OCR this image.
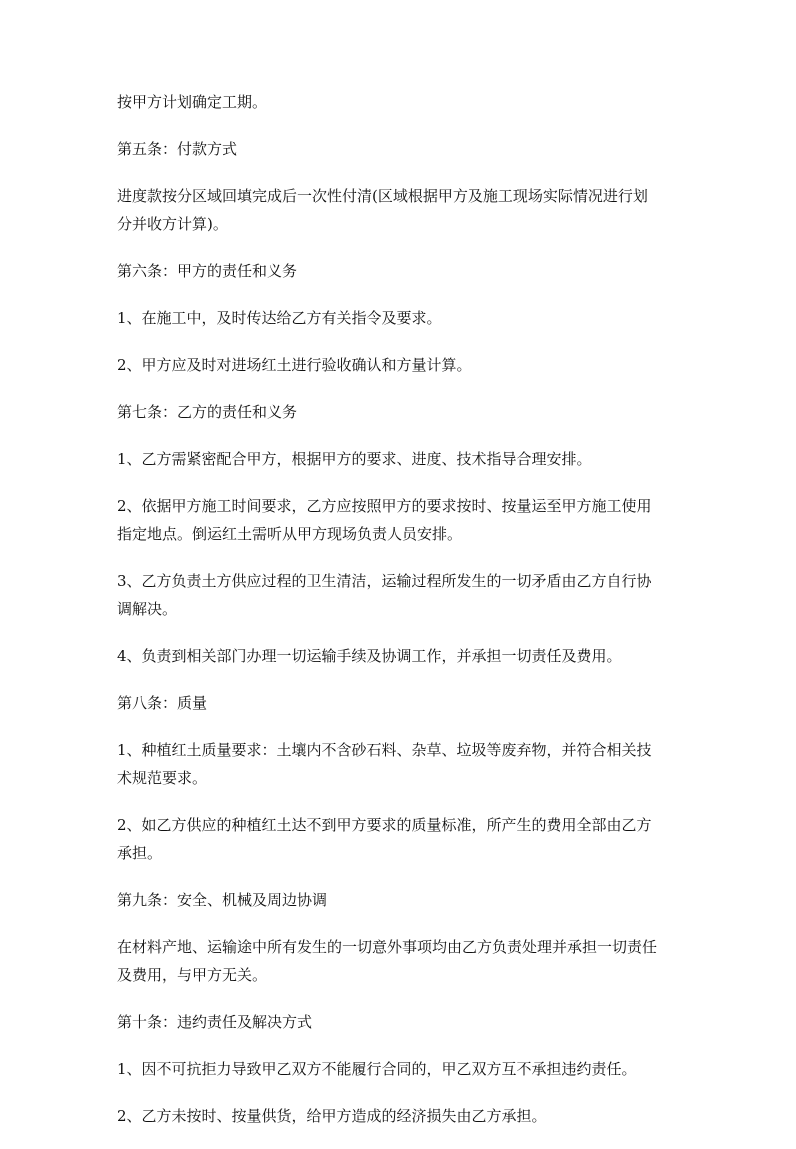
按甲方计划确定工期。

第五条：付款方式

进度款按分区域回填完成后一次性付清(区域根据甲方及施工现场实际情况进行划
分并收方计算)。

第六条：甲方的责任和义务

1、在施工中，及时传达给乙方有关指令及要求。

2、甲方应及时对进场红土进行验收确认和方量计算。

第七条：乙方的责任和义务

1、乙方需紧密配合甲方，根据甲方的要求、进度、技术指导合理安排。

2、依据甲方施工时间要求，乙方应按照甲方的要求按时、按量运至甲方施工使用
指定地点。倒运红土需听从甲方现场负责人员安排。

3、乙方负责土方供应过程的卫生清洁，运输过程所发生的一切矛盾由乙方自行协
调解决。

4、负责到相关部门办理一切运输手续及协调工作，并承担一切责任及费用。

第八条：质量

1、种植红土质量要求：土壤内不含砂石料、杂草、垃圾等废弃物，并符合相关技
术规范要求。

2、如乙方供应的种植红土达不到甲方要求的质量标准，所产生的费用全部由乙方
承担。

第九条：安全、机械及周边协调

在材料产地、运输途中所有发生的一切意外事项均由乙方负责处理并承担一切责任
及费用，与甲方无关。

第十条：违约责任及解决方式

1、因不可抗拒力导致甲乙双方不能履行合同的，甲乙双方互不承担违约责任。

2、乙方未按时、按量供货，给甲方造成的经济损失由乙方承担。
